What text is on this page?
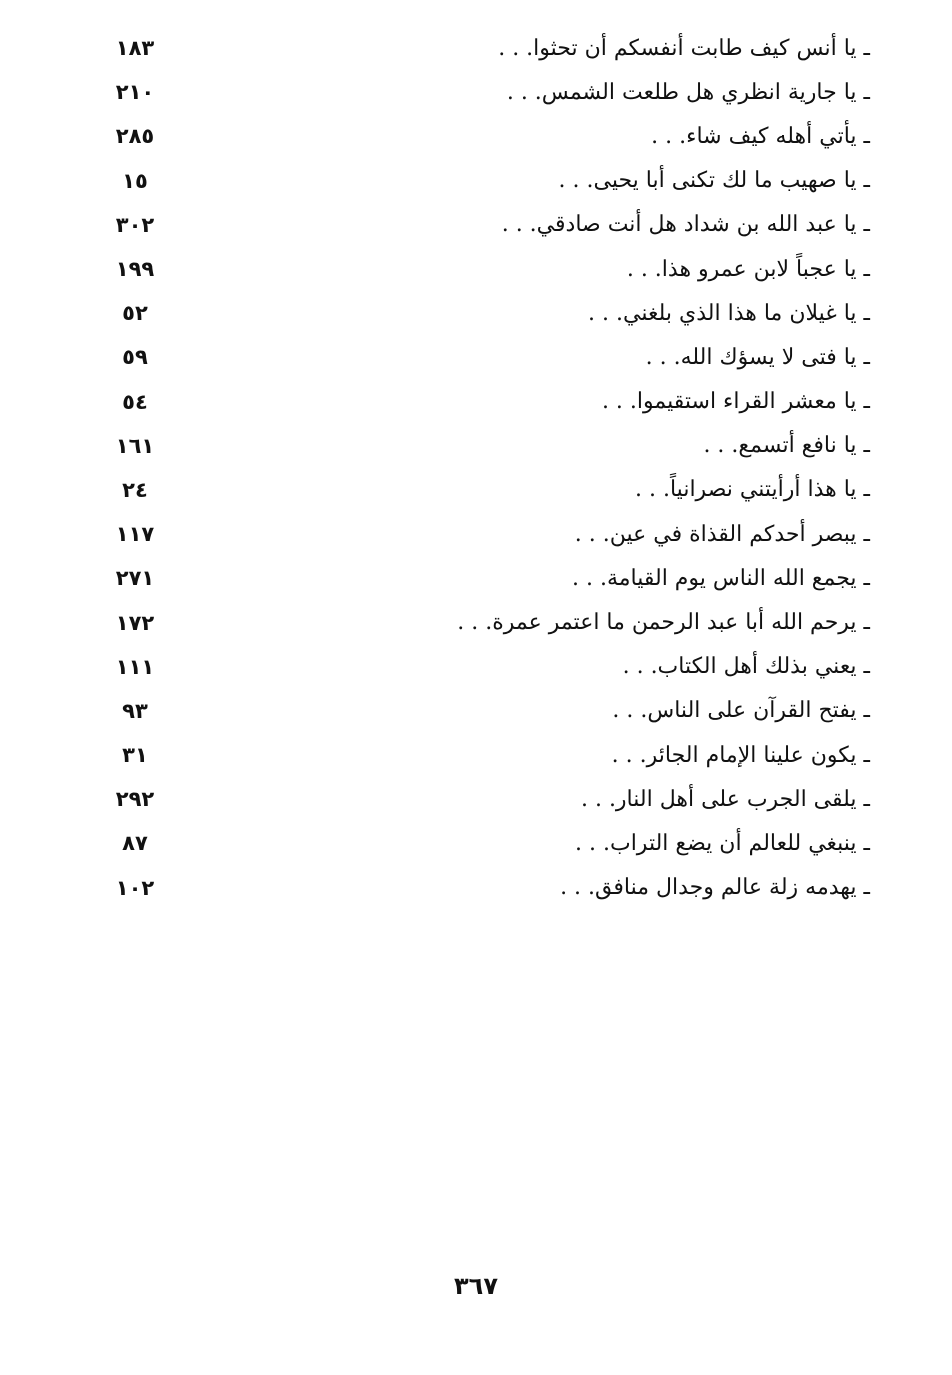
ـ يا أنس كيف طابت أنفسكم أن تحثوا. . .
١٨٣
ـ يا جارية انظري هل طلعت الشمس. . .
٢١٠
ـ يأتي أهله كيف شاء. . .
٢٨٥
ـ يا صهيب ما لك تكنى أبا يحيى. . .
١٥
ـ يا عبد الله بن شداد هل أنت صادقي. . .
٣٠٢
ـ يا عجباً لابن عمرو هذا. . .
١٩٩
ـ يا غيلان ما هذا الذي بلغني. . .
٥٢
ـ يا فتى لا يسؤك الله. . .
٥٩
ـ يا معشر القراء استقيموا. . .
٥٤
ـ يا نافع أتسمع. . .
١٦١
ـ يا هذا أرأيتني نصرانياً. . .
٢٤
ـ يبصر أحدكم القذاة في عين. . .
١١٧
ـ يجمع الله الناس يوم القيامة. . .
٢٧١
ـ يرحم الله أبا عبد الرحمن ما اعتمر عمرة. . .
١٧٢
ـ يعني بذلك أهل الكتاب. . .
١١١
ـ يفتح القرآن على الناس. . .
٩٣
ـ يكون علينا الإمام الجائر. . .
٣١
ـ يلقى الجرب على أهل النار. . .
٢٩٢
ـ ينبغي للعالم أن يضع التراب. . .
٨٧
ـ يهدمه زلة عالم وجدال منافق. . .
١٠٢
٣٦٧
